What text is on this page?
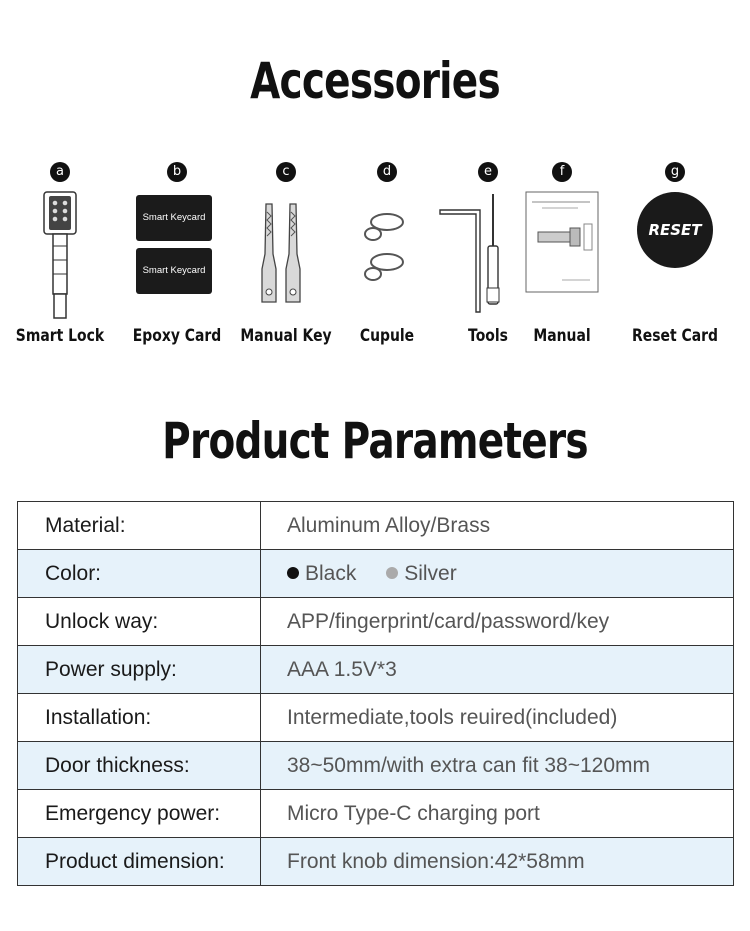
Accessories
a
Smart Lock
b
Smart Keycard
Smart Keycard
Epoxy Card
c
Manual Key
d
Cupule
e
Tools
f
Manual
g
RESET
Reset Card
Product Parameters
Material:	Aluminum Alloy/Brass
Color:	Black Silver
Unlock way:	APP/fingerprint/card/password/key
Power supply:	AAA 1.5V*3
Installation:	Intermediate,tools reuired(included)
Door thickness:	38~50mm/with extra can fit 38~120mm
Emergency power:	Micro Type-C charging port
Product dimension:	Front knob dimension:42*58mm
